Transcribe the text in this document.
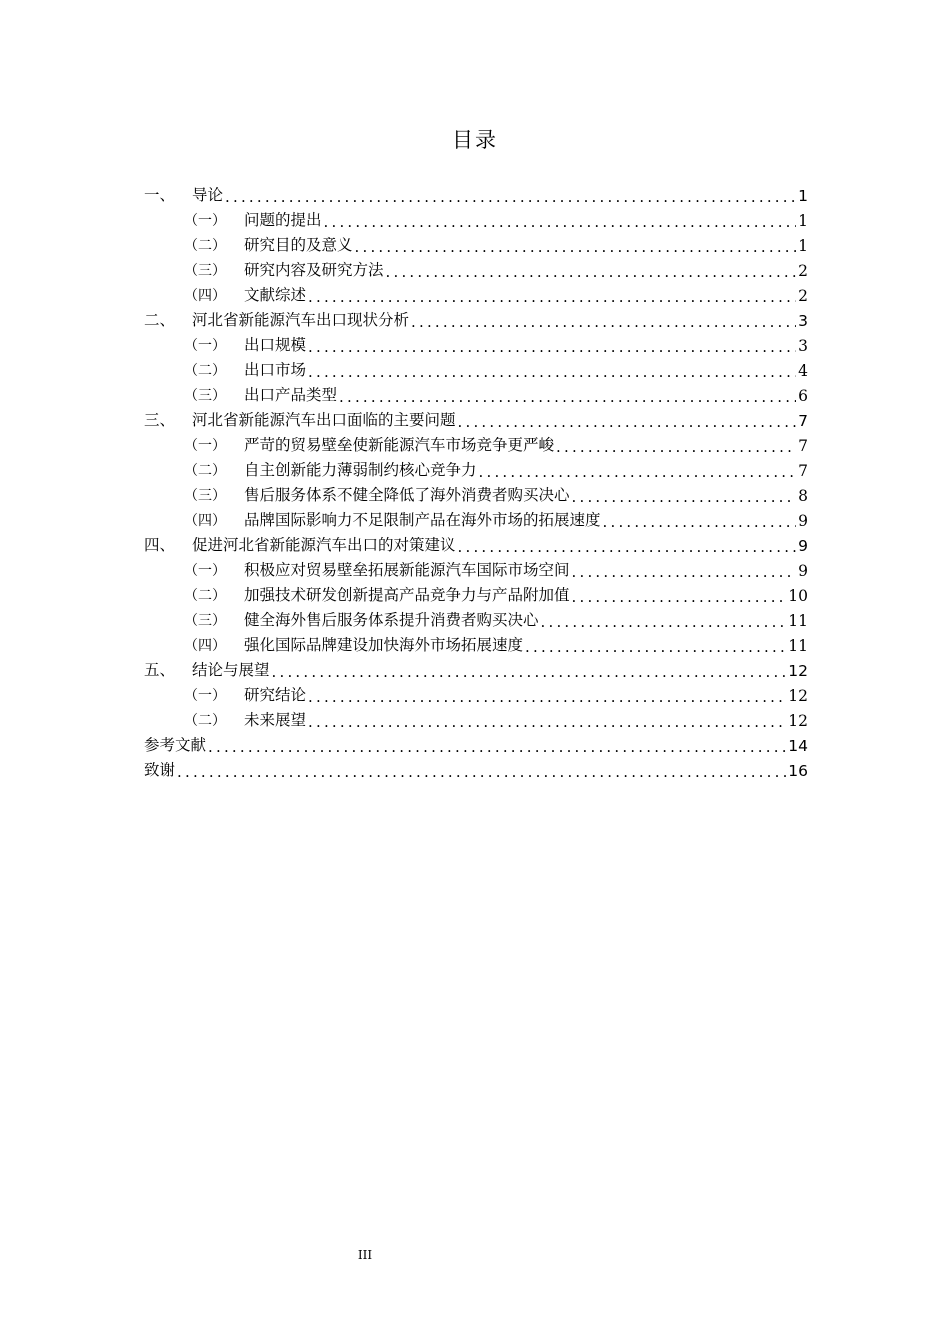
目录
一、	导论 .....	1
（一）	问题的提出 .....	1
（二）	研究目的及意义 .....	1
（三）	研究内容及研究方法 .....	2
（四）	文献综述 .....	2
二、	河北省新能源汽车出口现状分析 .....	3
（一）	出口规模 .....	3
（二）	出口市场 .....	4
（三）	出口产品类型 .....	6
三、	河北省新能源汽车出口面临的主要问题 .....	7
（一）	严苛的贸易壁垒使新能源汽车市场竞争更严峻 .....	7
（二）	自主创新能力薄弱制约核心竞争力 .....	7
（三）	售后服务体系不健全降低了海外消费者购买决心 .....	8
（四）	品牌国际影响力不足限制产品在海外市场的拓展速度 .....	9
四、	促进河北省新能源汽车出口的对策建议 .....	9
（一）	积极应对贸易壁垒拓展新能源汽车国际市场空间 .....	9
（二）	加强技术研发创新提高产品竞争力与产品附加值 .....	10
（三）	健全海外售后服务体系提升消费者购买决心 .....	11
（四）	强化国际品牌建设加快海外市场拓展速度 .....	11
五、	结论与展望 .....	12
（一）	研究结论 .....	12
（二）	未来展望 .....	12
参考文献 .....	14
致谢 .....	16
III
